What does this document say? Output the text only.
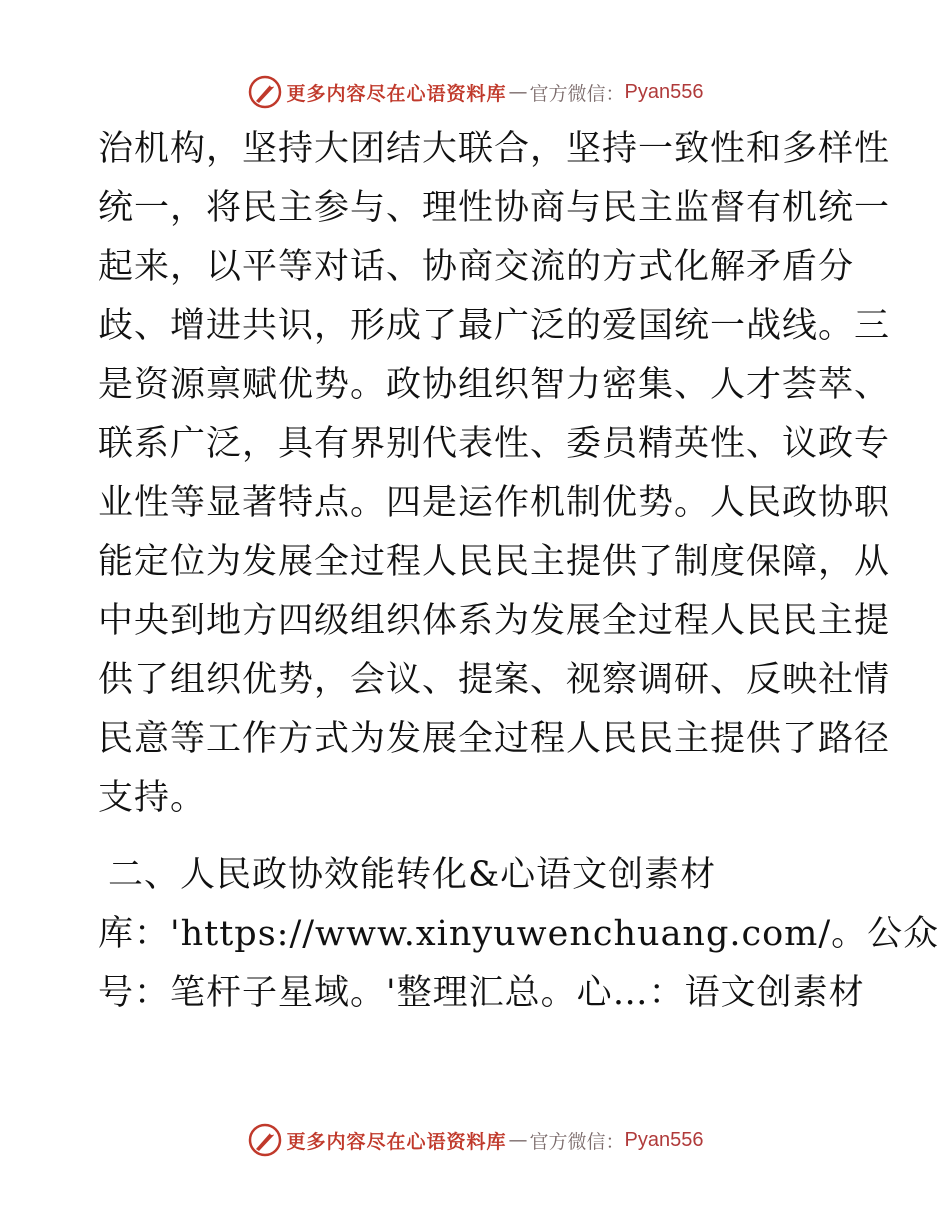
更多内容尽在心语资料库 — 官方微信： Pyan556
治机构，坚持大团结大联合，坚持一致性和多样性
统一，将民主参与、理性协商与民主监督有机统一
起来，以平等对话、协商交流的方式化解矛盾分
歧、增进共识，形成了最广泛的爱国统一战线。三
是资源禀赋优势。政协组织智力密集、人才荟萃、
联系广泛，具有界别代表性、委员精英性、议政专
业性等显著特点。四是运作机制优势。人民政协职
能定位为发展全过程人民民主提供了制度保障，从
中央到地方四级组织体系为发展全过程人民民主提
供了组织优势，会议、提案、视察调研、反映社情
民意等工作方式为发展全过程人民民主提供了路径
支持。
二、人民政协效能转化&心语文创素材
库：'https://www.xinyuwenchuang.com/。公众
号：笔杆子星域。'整理汇总。心…：语文创素材
更多内容尽在心语资料库 — 官方微信： Pyan556
